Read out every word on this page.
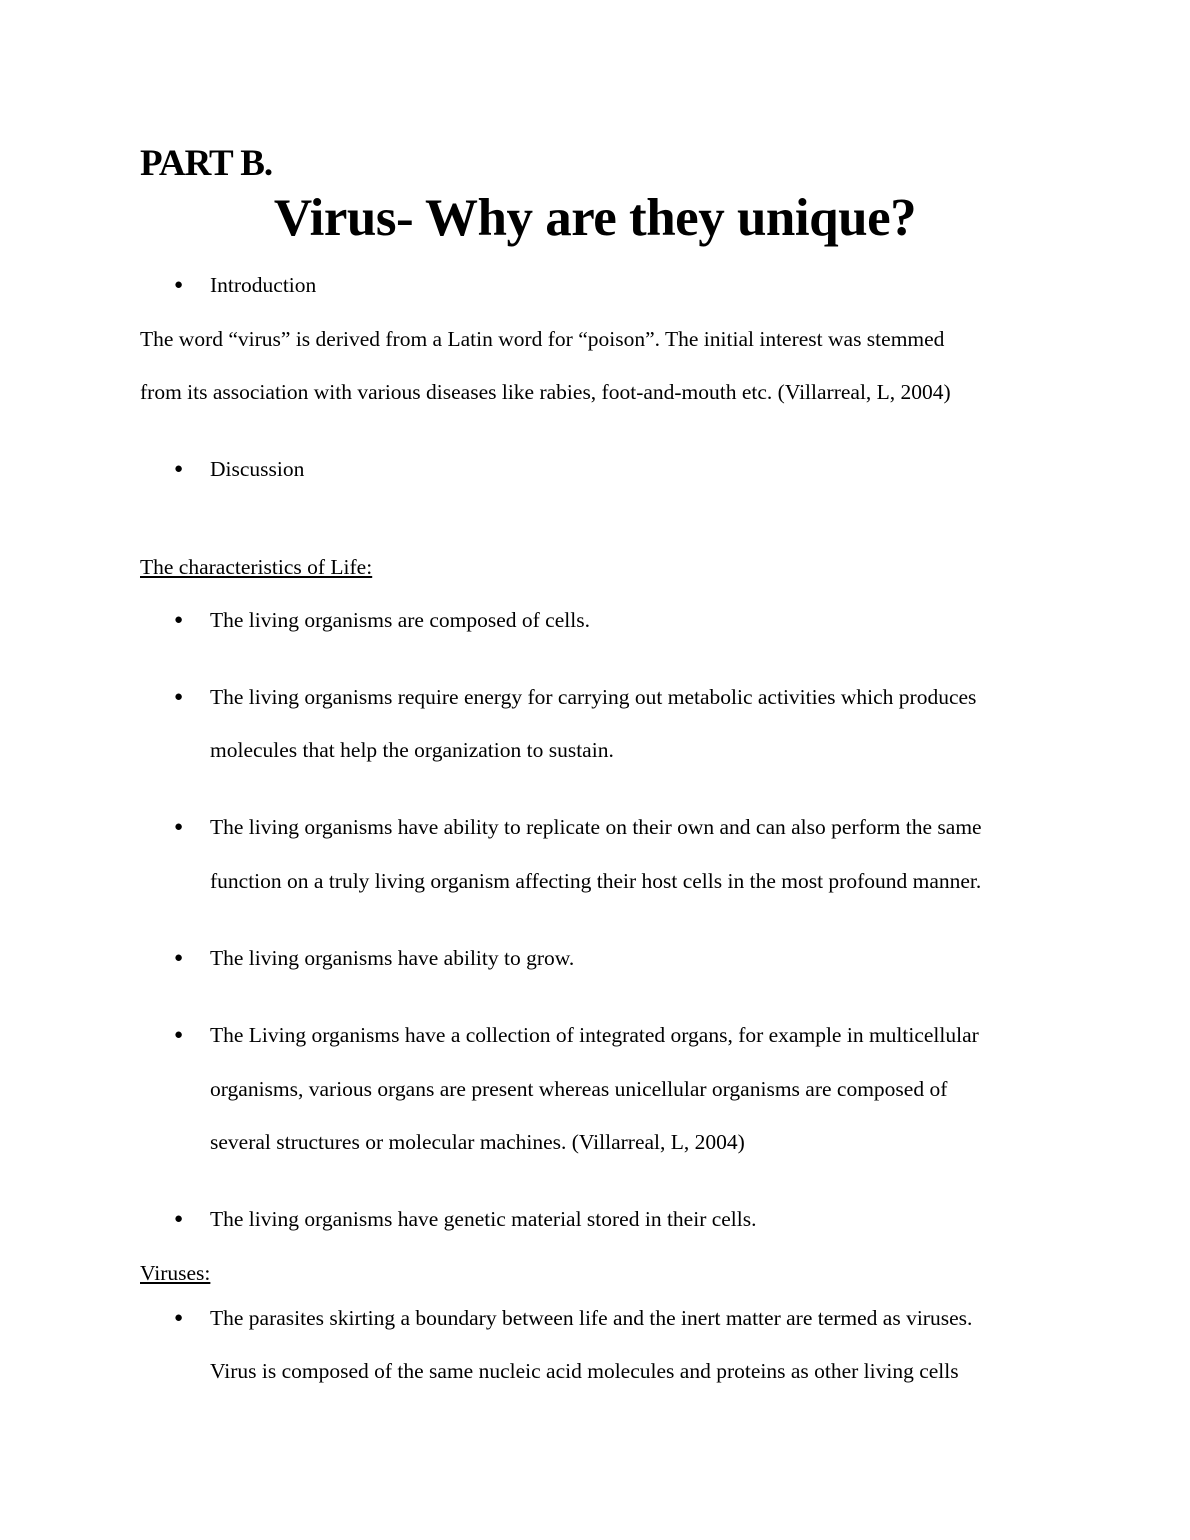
PART B.
Virus- Why are they unique?
● Introduction
The word “virus” is derived from a Latin word for “poison”. The initial interest was stemmed
from its association with various diseases like rabies, foot-and-mouth etc. (Villarreal, L, 2004)
● Discussion
The characteristics of Life:
● The living organisms are composed of cells.
● The living organisms require energy for carrying out metabolic activities which produces
molecules that help the organization to sustain.
● The living organisms have ability to replicate on their own and can also perform the same
function on a truly living organism affecting their host cells in the most profound manner.
● The living organisms have ability to grow.
● The Living organisms have a collection of integrated organs, for example in multicellular
organisms, various organs are present whereas unicellular organisms are composed of
several structures or molecular machines. (Villarreal, L, 2004)
● The living organisms have genetic material stored in their cells.
Viruses:
● The parasites skirting a boundary between life and the inert matter are termed as viruses.
Virus is composed of the same nucleic acid molecules and proteins as other living cells
